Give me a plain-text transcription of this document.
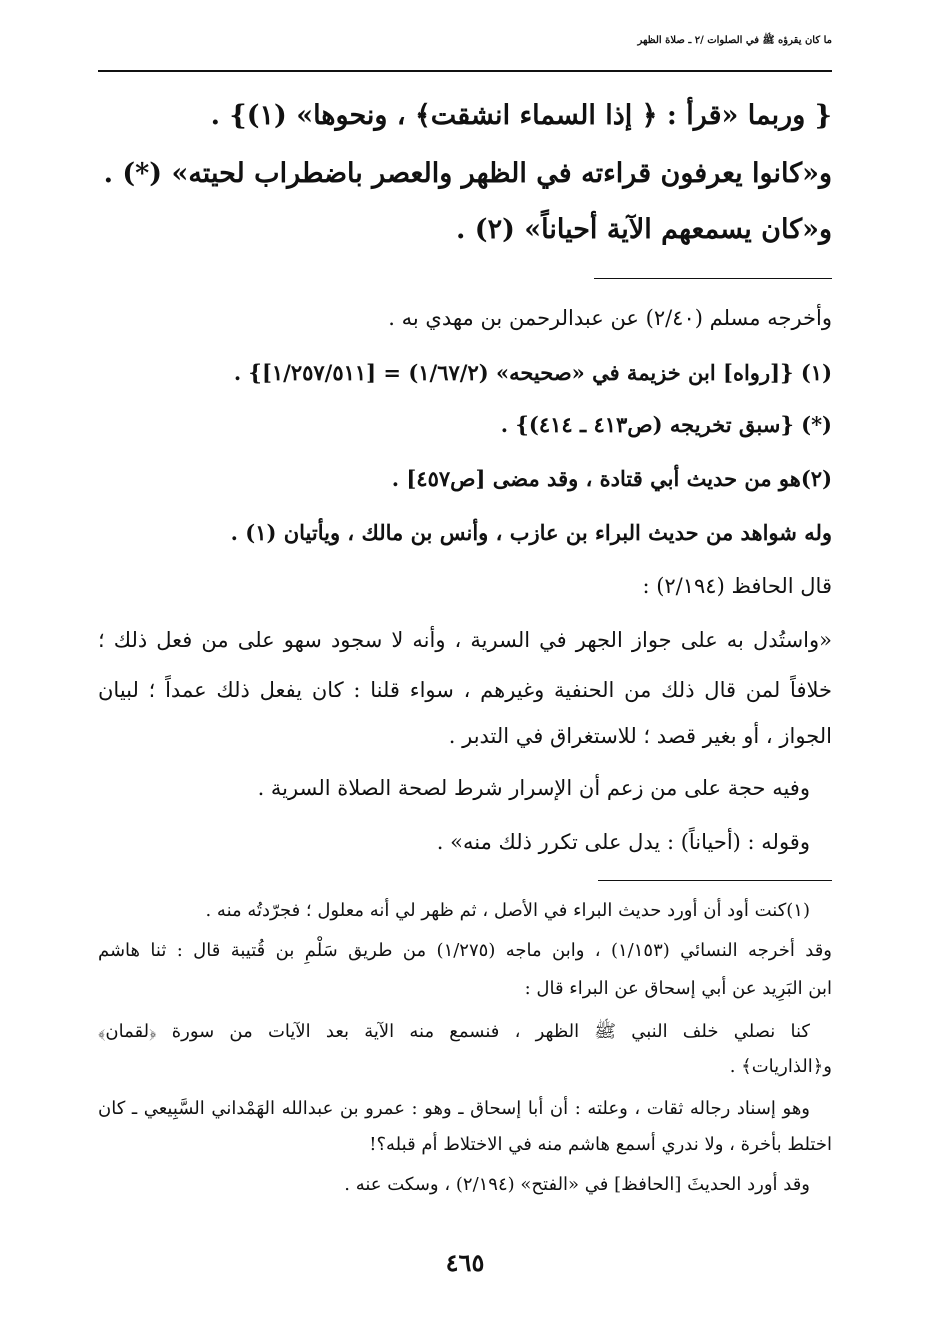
ما كان يقرؤه ﷺ في الصلوات /٢ ـ صلاة الظهر
{ وربما «قرأ : ﴿ إذا السماء انشقت﴾ ، ونحوها» (١)} .
و«كانوا يعرفون قراءته في الظهر والعصر باضطراب لحيته» (*) .
و«كان يسمعهم الآية أحياناً» (٢) .
وأخرجه مسلم (٢/٤٠) عن عبدالرحمن بن مهدي به .
(١) {[رواه] ابن خزيمة في «صحيحه» (١/٦٧/٢) = [١/٢٥٧/٥١١]} .
(*) {سبق تخريجه (ص٤١٣ ـ ٤١٤)} .
(٢)هو من حديث أبي قتادة ، وقد مضى [ص٤٥٧] .
وله شواهد من حديث البراء بن عازب ، وأنس بن مالك ، ويأتيان (١) .
قال الحافظ (٢/١٩٤) :
«واستُدل به على جواز الجهر في السرية ، وأنه لا سجود سهو على من فعل ذلك ؛
خلافاً لمن قال ذلك من الحنفية وغيرهم ، سواء قلنا : كان يفعل ذلك عمداً ؛ لبيان
الجواز ، أو بغير قصد ؛ للاستغراق في التدبر .
وفيه حجة على من زعم أن الإسرار شرط لصحة الصلاة السرية .
وقوله : (أحياناً) : يدل على تكرر ذلك منه» .
(١)كنت أود أن أورد حديث البراء في الأصل ، ثم ظهر لي أنه معلول ؛ فجرّدتُه منه .
وقد أخرجه النسائي (١/١٥٣) ، وابن ماجه (١/٢٧٥) من طريق سَلْمِ بن قُتيبة قال : ثنا هاشم
ابن البَرِيد عن أبي إسحاق عن البراء قال :
كنا نصلي خلف النبي ﷺ الظهر ، فنسمع منه الآية بعد الآيات من سورة ﴿لقمان﴾
و﴿الذاريات﴾ .
وهو إسناد رجاله ثقات ، وعلته : أن أبا إسحاق ـ وهو : عمرو بن عبدالله الهَمْداني السَّبِيعي ـ كان
اختلط بأخرة ، ولا ندري أسمع هاشم منه في الاختلاط أم قبله؟!
وقد أورد الحديثَ [الحافظ] في «الفتح» (٢/١٩٤) ، وسكت عنه .
٤٦٥
